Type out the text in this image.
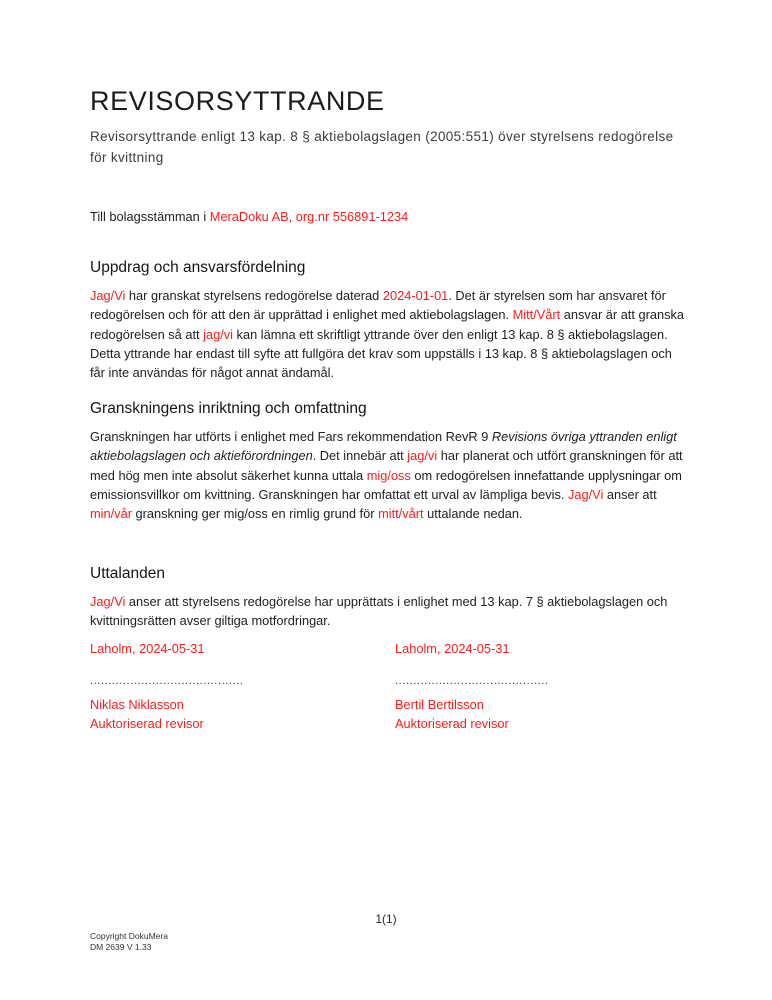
REVISORSYTTRANDE
Revisorsyttrande enligt 13 kap. 8 § aktiebolagslagen (2005:551) över styrelsens redogörelse för kvittning
Till bolagsstämman i MeraDoku AB, org.nr 556891-1234
Uppdrag och ansvarsfördelning
Jag/Vi har granskat styrelsens redogörelse daterad 2024-01-01. Det är styrelsen som har ansvaret för redogörelsen och för att den är upprättad i enlighet med aktiebolagslagen. Mitt/Vårt ansvar är att granska redogörelsen så att jag/vi kan lämna ett skriftligt yttrande över den enligt 13 kap. 8 § aktiebolagslagen. Detta yttrande har endast till syfte att fullgöra det krav som uppställs i 13 kap. 8 § aktiebolagslagen och får inte användas för något annat ändamål.
Granskningens inriktning och omfattning
Granskningen har utförts i enlighet med Fars rekommendation RevR 9 Revisions övriga yttranden enligt aktiebolagslagen och aktieförordningen. Det innebär att jag/vi har planerat och utfört granskningen för att med hög men inte absolut säkerhet kunna uttala mig/oss om redogörelsen innefattande upplysningar om emissionsvillkor om kvittning. Granskningen har omfattat ett urval av lämpliga bevis. Jag/Vi anser att min/vår granskning ger mig/oss en rimlig grund för mitt/vårt uttalande nedan.
Uttalanden
Jag/Vi anser att styrelsens redogörelse har upprättats i enlighet med 13 kap. 7 § aktiebolagslagen och kvittningsrätten avser giltiga motfordringar.
Laholm, 2024-05-31
..........................................
Niklas Niklasson
Auktoriserad revisor
Laholm, 2024-05-31
..........................................
Bertil Bertilsson
Auktoriserad revisor
1(1)
Copyright DokuMera
DM 2639 V 1.33
